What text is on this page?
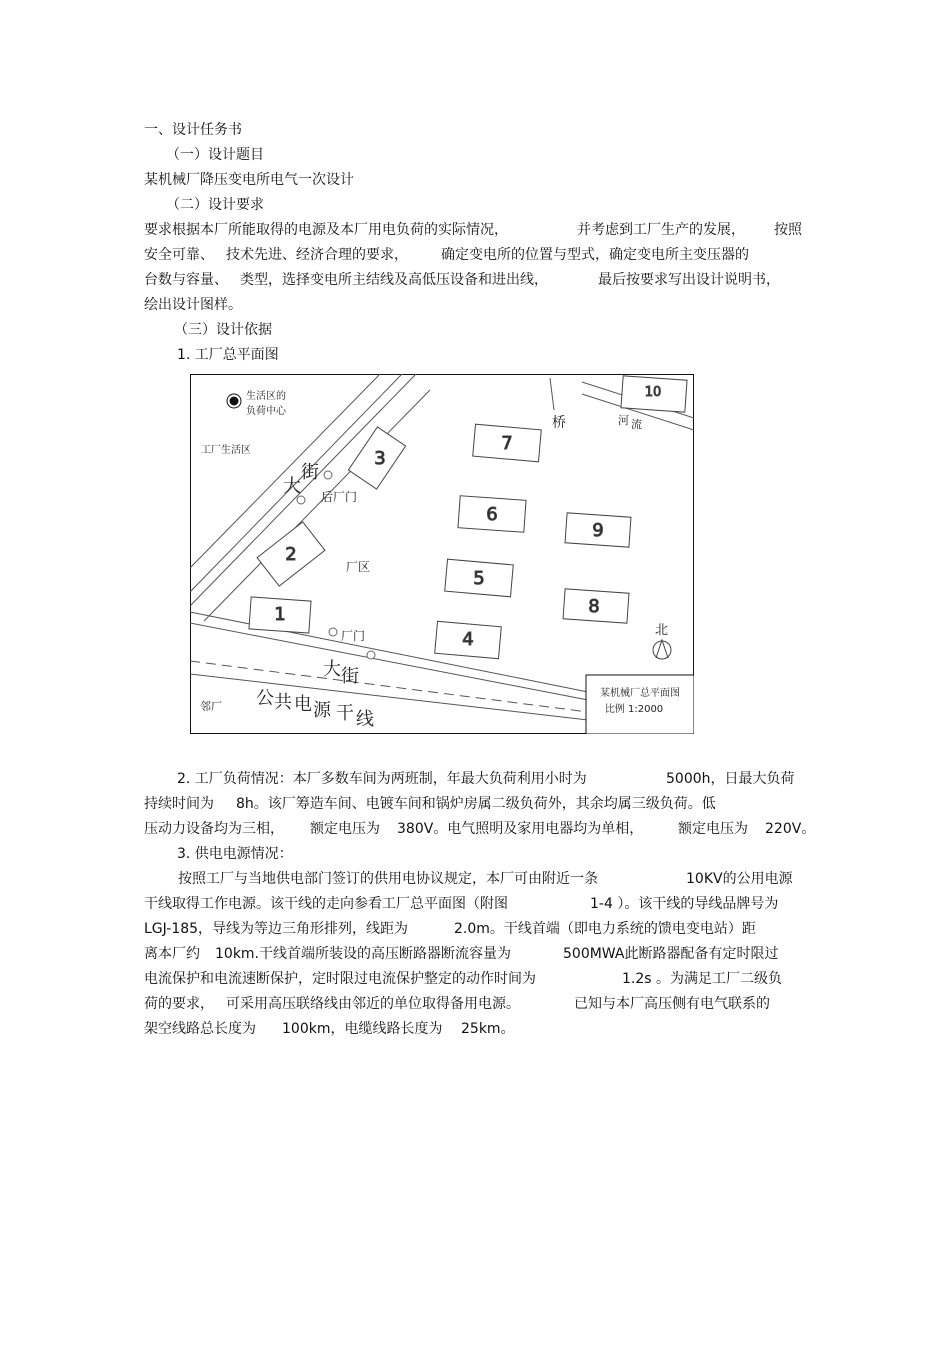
一、设计任务书
（一）设计题目
某机械厂降压变电所电气一次设计
（二）设计要求
要求根据本厂所能取得的电源及本厂用电负荷的实际情况，	并考虑到工厂生产的发展， 按照
安全可靠、 技术先进、经济合理的要求， 确定变电所的位置与型式，确定变电所主变压器的
台数与容量、 类型，选择变电所主结线及高低压设备和进出线，	最后按要求写出设计说明书，
绘出设计图样。
（三）设计依据
1. 工厂总平面图
1
2
3
4
5
6
7
8
9
10
生活区的
负荷中心
工厂生活区
大
街
后厂门
厂区
厂门
大 街
桥	河 流
北
邻厂 公 共 电 源 干 线
某机械厂总平面图
比例 1:2000
2. 工厂负荷情况：本厂多数车间为两班制，年最大负荷利用小时为	5000h，日最大负荷
持续时间为 8h。该厂筹造车间、电镀车间和锅炉房属二级负荷外，其余均属三级负荷。低
压动力设备均为三相， 额定电压为 380V。电气照明及家用电器均为单相， 额定电压为 220V。
3. 供电电源情况：
按照工厂与当地供电部门签订的供用电协议规定，本厂可由附近一条	10KV的公用电源
干线取得工作电源。该干线的走向参看工厂总平面图（附图	1-4 ）。该干线的导线品牌号为
LGJ-185，导线为等边三角形排列，线距为	2.0m。干线首端（即电力系统的馈电变电站）距
离本厂约 10km.干线首端所装设的高压断路器断流容量为	500MWA此断路器配备有定时限过
电流保护和电流速断保护，定时限过电流保护整定的动作时间为	1.2s 。为满足工厂二级负
荷的要求， 可采用高压联络线由邻近的单位取得备用电源。	已知与本厂高压侧有电气联系的
架空线路总长度为 100km，电缆线路长度为 25km。
